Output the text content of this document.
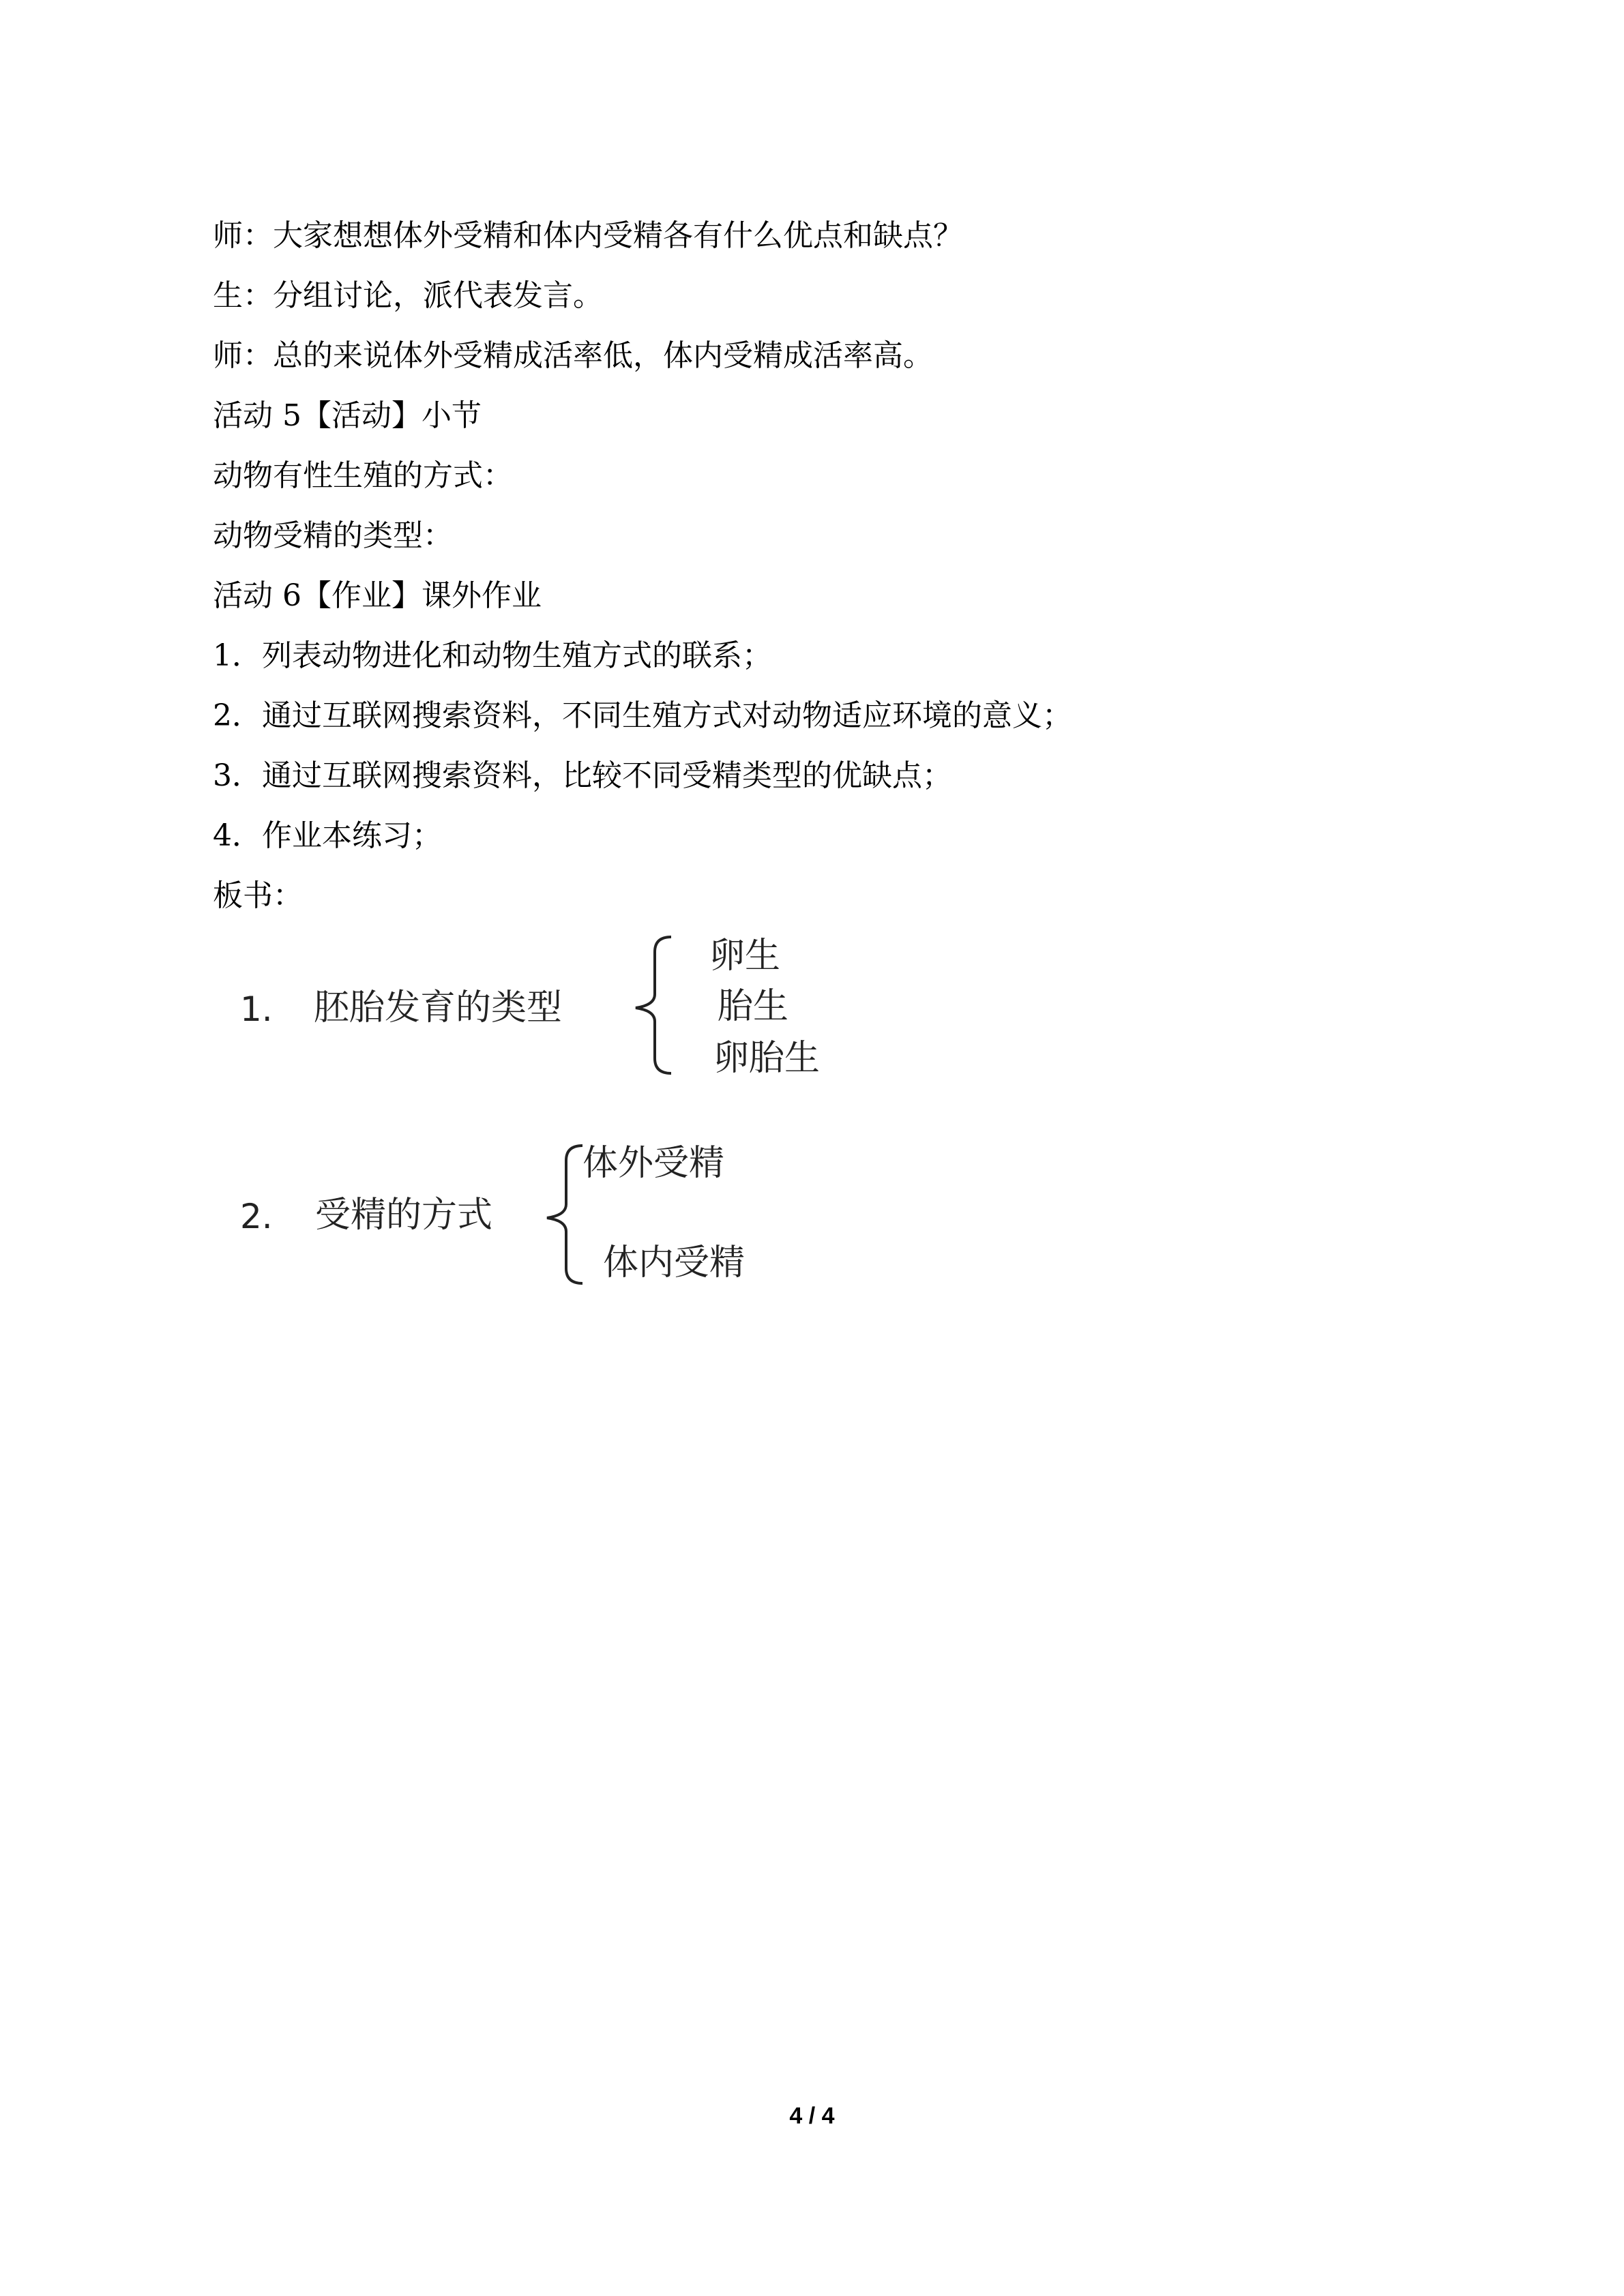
师：大家想想体外受精和体内受精各有什么优点和缺点？
生：分组讨论，派代表发言。
师：总的来说体外受精成活率低，体内受精成活率高。
活动 5【活动】小节
动物有性生殖的方式：
动物受精的类型：
活动 6【作业】课外作业
1．列表动物进化和动物生殖方式的联系；
2．通过互联网搜索资料，不同生殖方式对动物适应环境的意义；
3．通过互联网搜索资料，比较不同受精类型的优缺点；
4．作业本练习；
板书：
1. 胚胎发育的类型
卵生
胎生
卵胎生
2. 受精的方式
体外受精
体内受精
4 / 4
